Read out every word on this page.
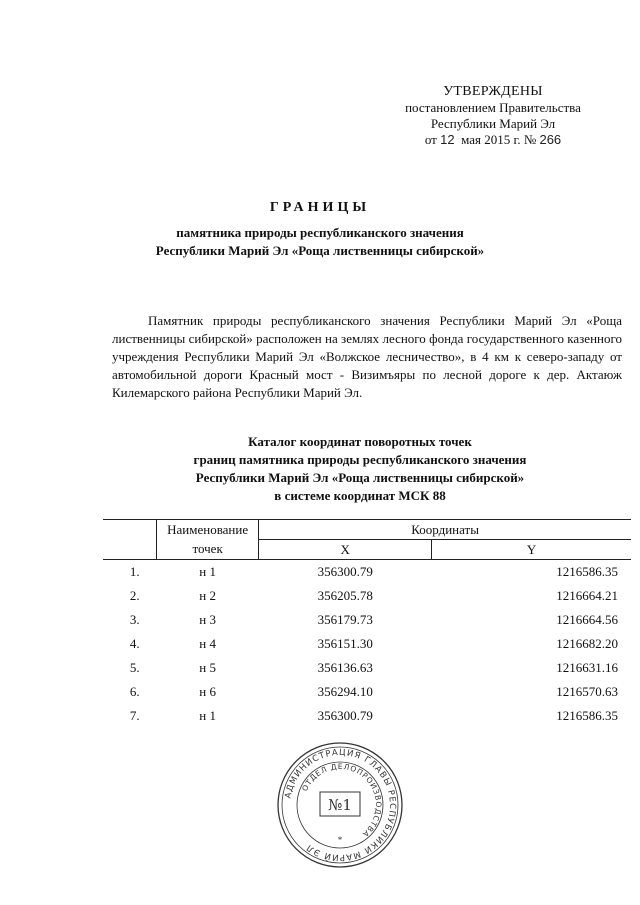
УТВЕРЖДЕНЫ
постановлением Правительства
Республики Марий Эл
от 12 мая 2015 г. № 266
ГРАНИЦЫ
памятника природы республиканского значения
Республики Марий Эл «Роща лиственницы сибирской»
Памятник природы республиканского значения Республики Марий Эл «Роща лиственницы сибирской» расположен на землях лесного фонда государственного казенного учреждения Республики Марий Эл «Волжское лесничество», в 4 км к северо-западу от автомобильной дороги Красный мост - Визимъяры по лесной дороге к дер. Актаюж Килемарского района Республики Марий Эл.
Каталог координат поворотных точек
границ памятника природы республиканского значения
Республики Марий Эл «Роща лиственницы сибирской»
в системе координат МСК 88
	Наименование	Координаты	
	точек	X	Y
1.	н 1	356300.79	1216586.35
2.	н 2	356205.78	1216664.21
3.	н 3	356179.73	1216664.56
4.	н 4	356151.30	1216682.20
5.	н 5	356136.63	1216631.16
6.	н 6	356294.10	1216570.63
7.	н 1	356300.79	1216586.35
АДМИНИСТРАЦИЯ ГЛАВЫ РЕСПУБЛИКИ МАРИЙ ЭЛ
ОТДЕЛ ДЕЛОПРОИЗВОДСТВА
№1
*
